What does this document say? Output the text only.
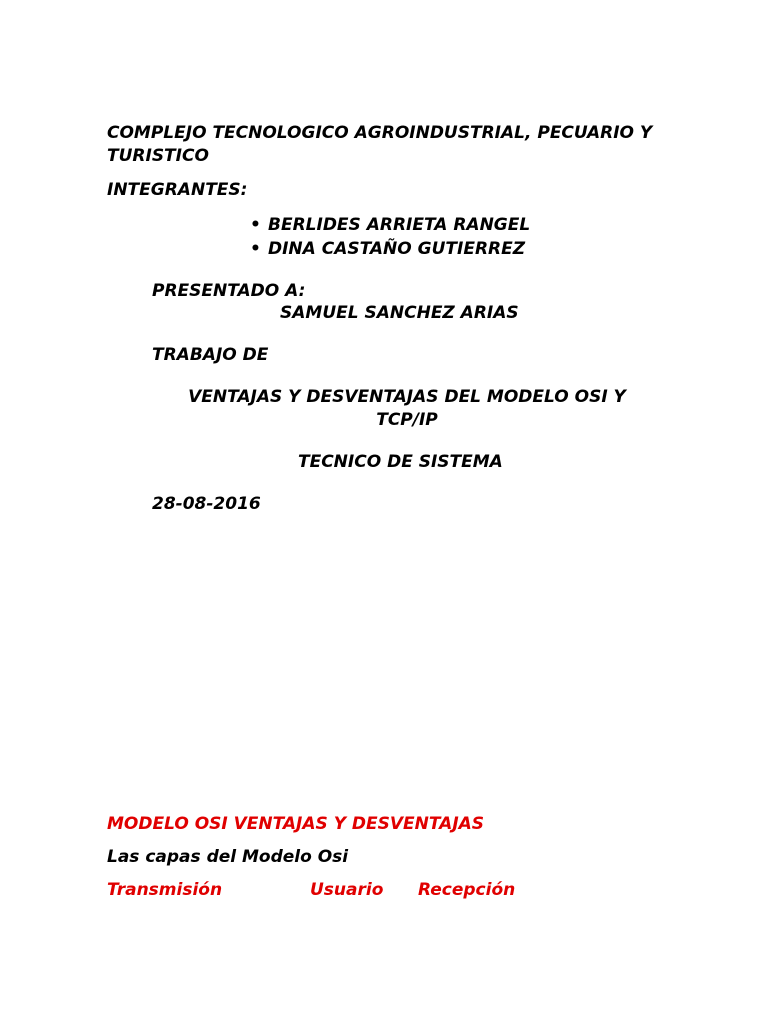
COMPLEJO TECNOLOGICO AGROINDUSTRIAL, PECUARIO Y TURISTICO
INTEGRANTES:
• BERLIDES ARRIETA RANGEL
• DINA CASTAÑO GUTIERREZ
PRESENTADO A:
SAMUEL SANCHEZ ARIAS
TRABAJO DE
VENTAJAS Y DESVENTAJAS DEL MODELO OSI Y TCP/IP
TECNICO DE SISTEMA
28-08-2016
MODELO OSI VENTAJAS Y DESVENTAJAS
Las capas del Modelo Osi
Transmisión	Usuario Recepción
